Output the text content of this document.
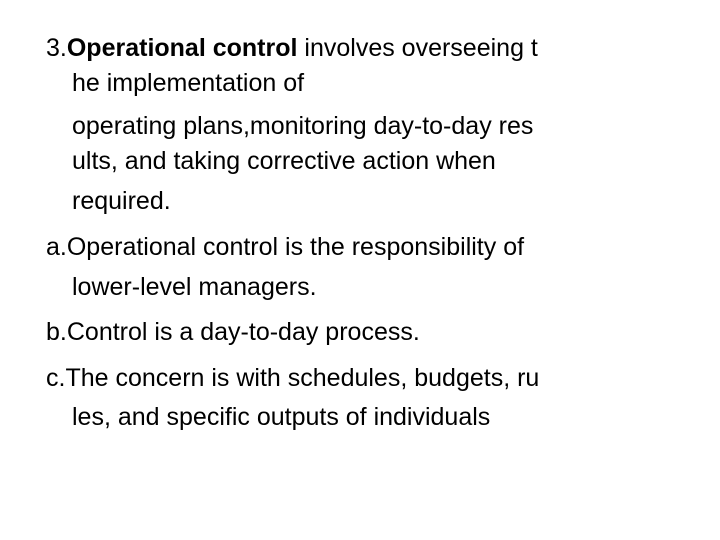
3.Operational control involves overseeing t
he implementation of
operating plans,monitoring day-to-day res
ults, and taking corrective action when
required.
a.Operational control is the responsibility of
lower-level managers.
b.Control is a day-to-day process.
c.The concern is with schedules, budgets, ru
les, and specific outputs of individuals
